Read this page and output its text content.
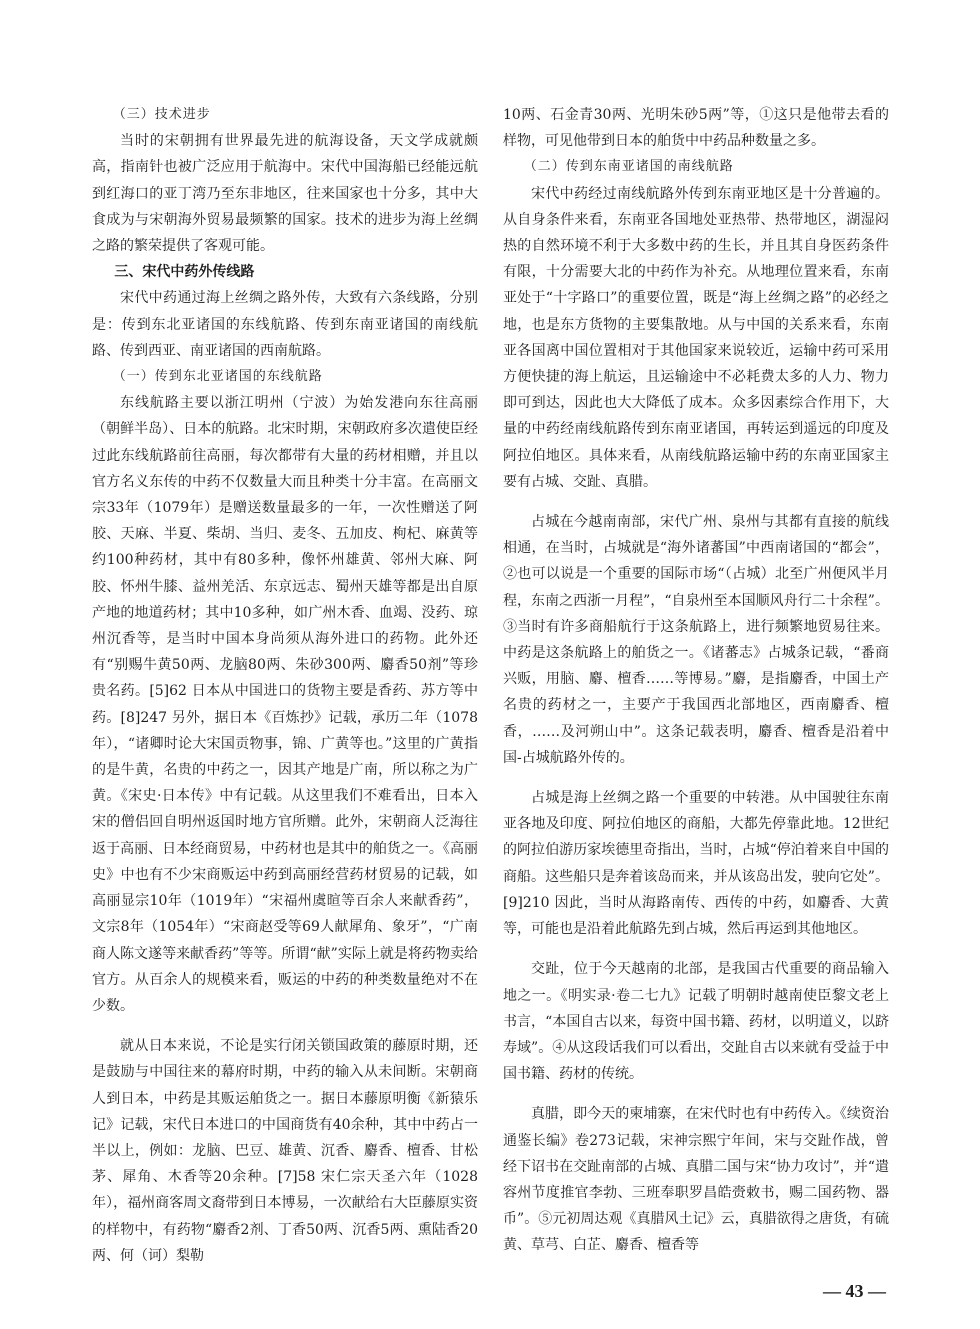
（三）技术进步

当时的宋朝拥有世界最先进的航海设备，天文学成就颇高，指南针也被广泛应用于航海中。宋代中国海船已经能远航到红海口的亚丁湾乃至东非地区，往来国家也十分多，其中大食成为与宋朝海外贸易最频繁的国家。技术的进步为海上丝绸之路的繁荣提供了客观可能。

三、宋代中药外传线路

宋代中药通过海上丝绸之路外传，大致有六条线路，分别是：传到东北亚诸国的东线航路、传到东南亚诸国的南线航路、传到西亚、南亚诸国的西南航路。

（一）传到东北亚诸国的东线航路

东线航路主要以浙江明州（宁波）为始发港向东往高丽（朝鲜半岛）、日本的航路。北宋时期，宋朝政府多次遣使臣经过此东线航路前往高丽，每次都带有大量的药材相赠，并且以官方名义东传的中药不仅数量大而且种类十分丰富。在高丽文宗33年（1079年）是赠送数量最多的一年，一次性赠送了阿胶、天麻、半夏、柴胡、当归、麦冬、五加皮、枸杞、麻黄等约100种药材，其中有80多种，像怀州雄黄、邻州大麻、阿胶、怀州牛膝、益州羌活、东京远志、蜀州天雄等都是出自原产地的地道药材；其中10多种，如广州木香、血竭、没药、琼州沉香等，是当时中国本身尚须从海外进口的药物。此外还有“别赐牛黄50两、龙脑80两、朱砂300两、麝香50剂”等珍贵名药。[5]62 日本从中国进口的货物主要是香药、苏方等中药。[8]247 另外，据日本《百炼抄》记载，承历二年（1078年），“诸卿时论大宋国贡物事，锦、广黄等也。”这里的广黄指的是牛黄，名贵的中药之一，因其产地是广南，所以称之为广黄。《宋史·日本传》中有记载。从这里我们不难看出，日本入宋的僧侣回自明州返国时地方官所赠。此外，宋朝商人泛海往返于高丽、日本经商贸易，中药材也是其中的舶货之一。《高丽史》中也有不少宋商贩运中药到高丽经营药材贸易的记载，如高丽显宗10年（1019年）“宋福州虞暄等百余人来献香药”，文宗8年（1054年）“宋商赵受等69人献犀角、象牙”，“广南商人陈文遂等来献香药”等等。所谓“献”实际上就是将药物卖给官方。从百余人的规模来看，贩运的中药的种类数量绝对不在少数。

就从日本来说，不论是实行闭关锁国政策的藤原时期，还是鼓励与中国往来的幕府时期，中药的输入从未间断。宋朝商人到日本，中药是其贩运舶货之一。据日本藤原明衡《新猿乐记》记载，宋代日本进口的中国商货有40余种，其中中药占一半以上，例如：龙脑、巴豆、雄黄、沉香、麝香、檀香、甘松茅、犀角、木香等20余种。[7]58 宋仁宗天圣六年（1028年），福州商客周文裔带到日本博易，一次献给右大臣藤原实资的样物中，有药物“麝香2剂、丁香50两、沉香5两、熏陆香20两、何（诃）梨勒

10两、石金青30两、光明朱砂5两”等，①这只是他带去看的样物，可见他带到日本的舶货中中药品种数量之多。

（二）传到东南亚诸国的南线航路

宋代中药经过南线航路外传到东南亚地区是十分普遍的。从自身条件来看，东南亚各国地处亚热带、热带地区，湖湿闷热的自然环境不利于大多数中药的生长，并且其自身医药条件有限，十分需要大北的中药作为补充。从地理位置来看，东南亚处于“十字路口”的重要位置，既是“海上丝绸之路”的必经之地，也是东方货物的主要集散地。从与中国的关系来看，东南亚各国离中国位置相对于其他国家来说较近，运输中药可采用方便快捷的海上航运，且运输途中不必耗费太多的人力、物力即可到达，因此也大大降低了成本。众多因素综合作用下，大量的中药经南线航路传到东南亚诸国，再转运到遥远的印度及阿拉伯地区。具体来看，从南线航路运输中药的东南亚国家主要有占城、交趾、真腊。

占城在今越南南部，宋代广州、泉州与其都有直接的航线相通，在当时，占城就是“海外诸蕃国”中西南诸国的“都会”，②也可以说是一个重要的国际市场“（占城）北至广州便风半月程，东南之西浙一月程”，“自泉州至本国顺风舟行二十余程”。③当时有许多商船航行于这条航路上，进行频繁地贸易往来。中药是这条航路上的舶货之一。《诸蕃志》占城条记载，“番商兴贩，用脑、麝、檀香……等博易。”麝，是指麝香，中国土产名贵的药材之一，主要产于我国西北部地区，西南麝香、檀香，……及河朔山中”。这条记载表明，麝香、檀香是沿着中国-占城航路外传的。

占城是海上丝绸之路一个重要的中转港。从中国驶往东南亚各地及印度、阿拉伯地区的商船，大都先停靠此地。12世纪的阿拉伯游历家埃德里奇指出，当时，占城“停泊着来自中国的商船。这些船只是奔着该岛而来，并从该岛出发，驶向它处”。[9]210 因此，当时从海路南传、西传的中药，如麝香、大黄等，可能也是沿着此航路先到占城，然后再运到其他地区。

交趾，位于今天越南的北部，是我国古代重要的商品输入地之一。《明实录·卷二七九》记载了明朝时越南使臣黎文老上书言，“本国自古以来，每资中国书籍、药材，以明道义，以跻寿域”。④从这段话我们可以看出，交趾自古以来就有受益于中国书籍、药材的传统。

真腊，即今天的柬埔寨，在宋代时也有中药传入。《续资治通鉴长编》卷273记载，宋神宗熙宁年间，宋与交趾作战，曾经下诏书在交趾南部的占城、真腊二国与宋“协力攻讨”，并“遣容州节度推官李勃、三班奉职罗昌皓赍敕书，赐二国药物、器币”。⑤元初周达观《真腊风土记》云，真腊欲得之唐货，有硫黄、草芎、白芷、麝香、檀香等

— 43 —
